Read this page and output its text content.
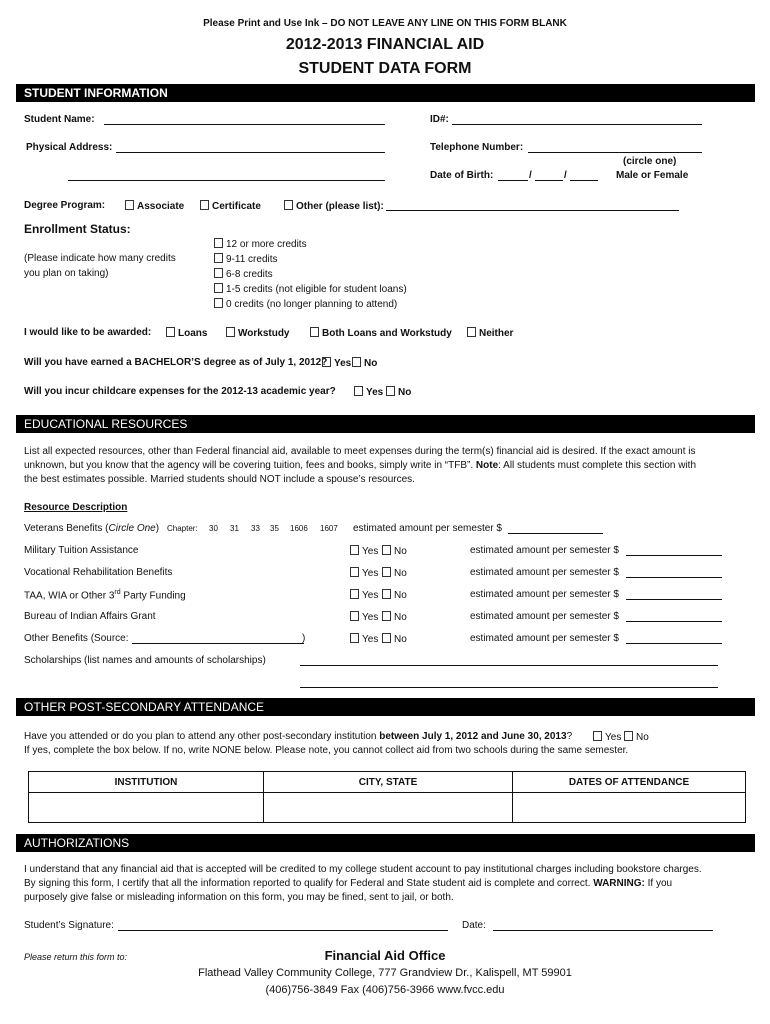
Please Print and Use Ink – DO NOT LEAVE ANY LINE ON THIS FORM BLANK
2012-2013 FINANCIAL AID
STUDENT DATA FORM
STUDENT INFORMATION
Student Name:	ID#:
Physical Address:	Telephone Number:
(circle one)
Date of Birth:	/	/	Male or Female
Degree Program:	Associate	Certificate	Other (please list):
Enrollment Status:
(Please indicate how many credits
you plan on taking)
12 or more credits
9-11 credits
6-8 credits
1-5 credits (not eligible for student loans)
0 credits (no longer planning to attend)
I would like to be awarded:	Loans	Workstudy	Both Loans and Workstudy	Neither
Will you have earned a BACHELOR’S degree as of July 1, 2012? Yes	No
Will you incur childcare expenses for the 2012-13 academic year?	Yes	No
EDUCATIONAL RESOURCES
List all expected resources, other than Federal financial aid, available to meet expenses during the term(s) financial aid is desired. If the exact amount is
unknown, but you know that the agency will be covering tuition, fees and books, simply write in “TFB”. Note: All students must complete this section with
the best estimates possible. Married students should NOT include a spouse’s resources.
Resource Description
Veterans Benefits (Circle One) Chapter: 30 31 33 35 1606 1607 estimated amount per semester $
Military Tuition Assistance	Yes	No	estimated amount per semester $
Vocational Rehabilitation Benefits	Yes	No	estimated amount per semester $
TAA, WIA or Other 3rd Party Funding	Yes	No	estimated amount per semester $
Bureau of Indian Affairs Grant	Yes	No	estimated amount per semester $
Other Benefits (Source:	)	Yes	No	estimated amount per semester $
Scholarships (list names and amounts of scholarships)
OTHER POST-SECONDARY ATTENDANCE
Have you attended or do you plan to attend any other post-secondary institution between July 1, 2012 and June 30, 2013?	Yes	No
If yes, complete the box below. If no, write NONE below. Please note, you cannot collect aid from two schools during the same semester.
INSTITUTION	CITY, STATE	DATES OF ATTENDANCE

AUTHORIZATIONS
I understand that any financial aid that is accepted will be credited to my college student account to pay institutional charges including bookstore charges.
By signing this form, I certify that all the information reported to qualify for Federal and State student aid is complete and correct. WARNING: If you
purposely give false or misleading information on this form, you may be fined, sent to jail, or both.
Student’s Signature:	Date:
Please return this form to:	Financial Aid Office
Flathead Valley Community College, 777 Grandview Dr., Kalispell, MT 59901
(406)756-3849 Fax (406)756-3966 www.fvcc.edu
